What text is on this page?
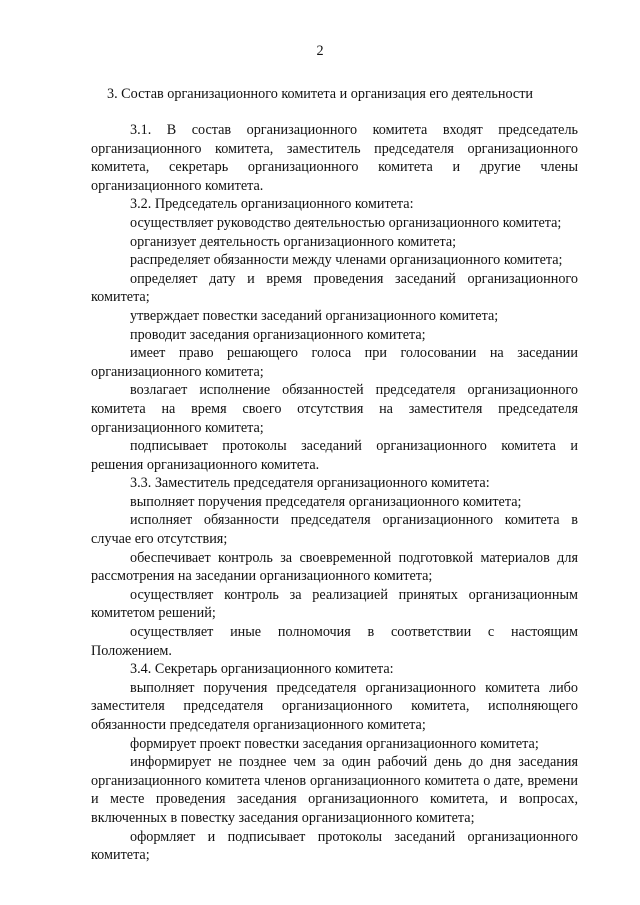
2
3. Состав организационного комитета и организация его деятельности

3.1. В состав организационного комитета входят председатель организационного комитета, заместитель председателя организационного комитета, секретарь организационного комитета и другие члены организационного комитета.

3.2. Председатель организационного комитета:

осуществляет руководство деятельностью организационного комитета;

организует деятельность организационного комитета;

распределяет обязанности между членами организационного комитета;

определяет дату и время проведения заседаний организационного комитета;

утверждает повестки заседаний организационного комитета;

проводит заседания организационного комитета;

имеет право решающего голоса при голосовании на заседании организационного комитета;

возлагает исполнение обязанностей председателя организационного комитета на время своего отсутствия на заместителя председателя организационного комитета;

подписывает протоколы заседаний организационного комитета и решения организационного комитета.

3.3. Заместитель председателя организационного комитета:

выполняет поручения председателя организационного комитета;

исполняет обязанности председателя организационного комитета в случае его отсутствия;

обеспечивает контроль за своевременной подготовкой материалов для рассмотрения на заседании организационного комитета;

осуществляет контроль за реализацией принятых организационным комитетом решений;

осуществляет иные полномочия в соответствии с настоящим Положением.

3.4. Секретарь организационного комитета:

выполняет поручения председателя организационного комитета либо заместителя председателя организационного комитета, исполняющего обязанности председателя организационного комитета;

формирует проект повестки заседания организационного комитета;

информирует не позднее чем за один рабочий день до дня заседания организационного комитета членов организационного комитета о дате, времени и месте проведения заседания организационного комитета, и вопросах, включенных в повестку заседания организационного комитета;

оформляет и подписывает протоколы заседаний организационного комитета;
